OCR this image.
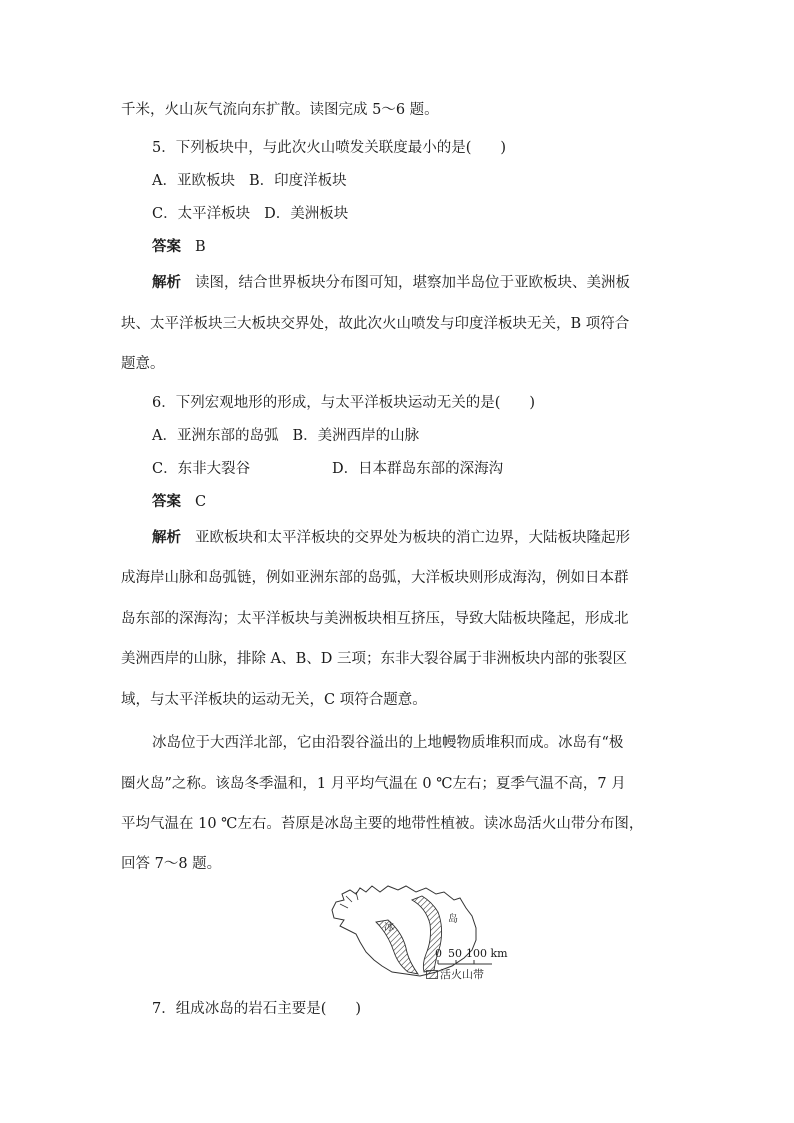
千米，火山灰气流向东扩散。读图完成 5～6 题。
5．下列板块中，与此次火山喷发关联度最小的是(　　)
A．亚欧板块 B．印度洋板块
C．太平洋板块 D．美洲板块
答案 B
解析 读图，结合世界板块分布图可知，堪察加半岛位于亚欧板块、美洲板
块、太平洋板块三大板块交界处，故此次火山喷发与印度洋板块无关，B 项符合
题意。
6．下列宏观地形的形成，与太平洋板块运动无关的是(　　)
A．亚洲东部的岛弧 B．美洲西岸的山脉
C．东非大裂谷	D．日本群岛东部的深海沟
答案 C
解析 亚欧板块和太平洋板块的交界处为板块的消亡边界，大陆板块隆起形
成海岸山脉和岛弧链，例如亚洲东部的岛弧，大洋板块则形成海沟，例如日本群
岛东部的深海沟；太平洋板块与美洲板块相互挤压，导致大陆板块隆起，形成北
美洲西岸的山脉，排除 A、B、D 三项；东非大裂谷属于非洲板块内部的张裂区
域，与太平洋板块的运动无关，C 项符合题意。
冰岛位于大西洋北部，它由沿裂谷溢出的上地幔物质堆积而成。冰岛有“极
圈火岛”之称。该岛冬季温和，1 月平均气温在 0 ℃左右；夏季气温不高，7 月
平均气温在 10 ℃左右。苔原是冰岛主要的地带性植被。读冰岛活火山带分布图，
回答 7～8 题。
冰
岛
0 50 100 km
活火山带
7．组成冰岛的岩石主要是(　　)
